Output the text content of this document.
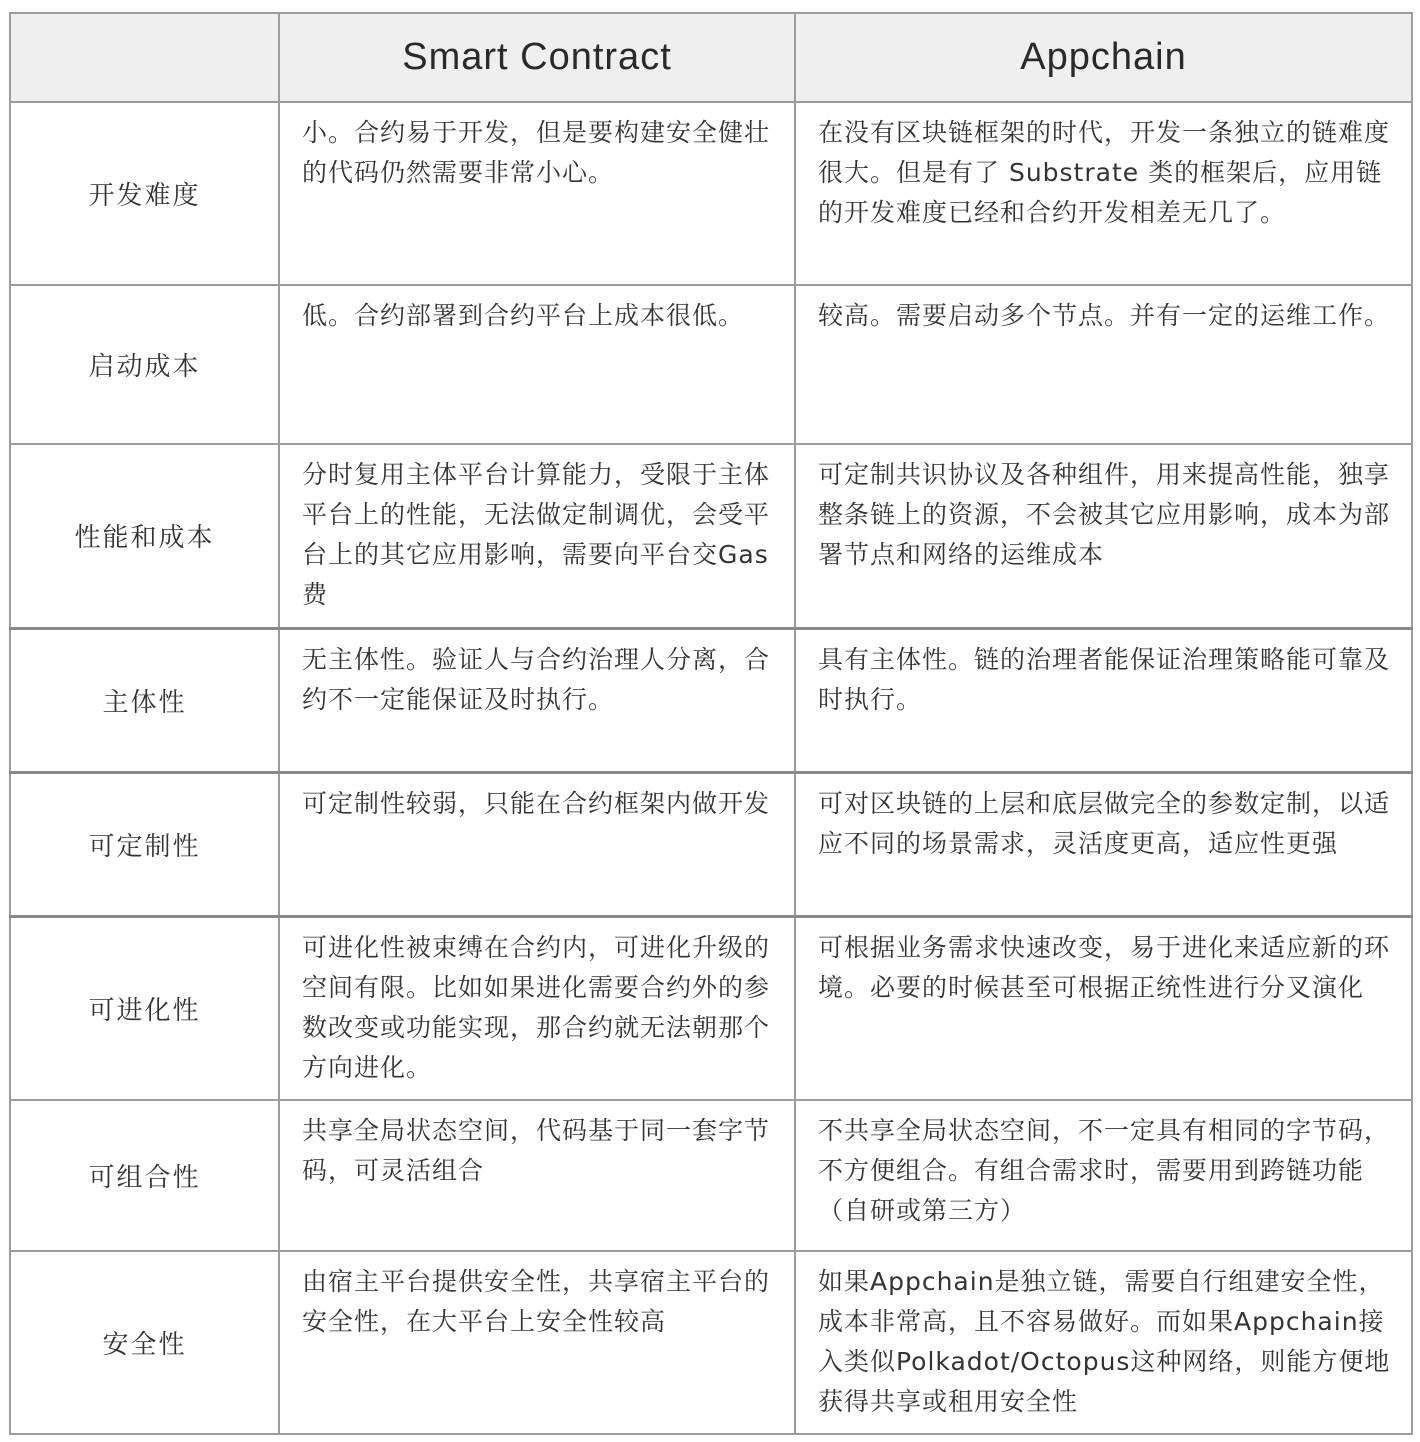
	Smart Contract	Appchain
开发难度	小。合约易于开发，但是要构建安全健壮的代码仍然需要非常小心。	在没有区块链框架的时代，开发一条独立的链难度很大。但是有了 Substrate 类的框架后，应用链的开发难度已经和合约开发相差无几了。
启动成本	低。合约部署到合约平台上成本很低。	较高。需要启动多个节点。并有一定的运维工作。
性能和成本	分时复用主体平台计算能力，受限于主体平台上的性能，无法做定制调优，会受平台上的其它应用影响，需要向平台交Gas费	可定制共识协议及各种组件，用来提高性能，独享整条链上的资源，不会被其它应用影响，成本为部署节点和网络的运维成本
主体性	无主体性。验证人与合约治理人分离，合约不一定能保证及时执行。	具有主体性。链的治理者能保证治理策略能可靠及时执行。
可定制性	可定制性较弱，只能在合约框架内做开发	可对区块链的上层和底层做完全的参数定制，以适应不同的场景需求，灵活度更高，适应性更强
可进化性	可进化性被束缚在合约内，可进化升级的空间有限。比如如果进化需要合约外的参数改变或功能实现，那合约就无法朝那个方向进化。	可根据业务需求快速改变，易于进化来适应新的环境。必要的时候甚至可根据正统性进行分叉演化
可组合性	共享全局状态空间，代码基于同一套字节码，可灵活组合	不共享全局状态空间，不一定具有相同的字节码，不方便组合。有组合需求时，需要用到跨链功能（自研或第三方）
安全性	由宿主平台提供安全性，共享宿主平台的安全性，在大平台上安全性较高	如果Appchain是独立链，需要自行组建安全性，成本非常高，且不容易做好。而如果Appchain接入类似Polkadot/Octopus这种网络，则能方便地获得共享或租用安全性
